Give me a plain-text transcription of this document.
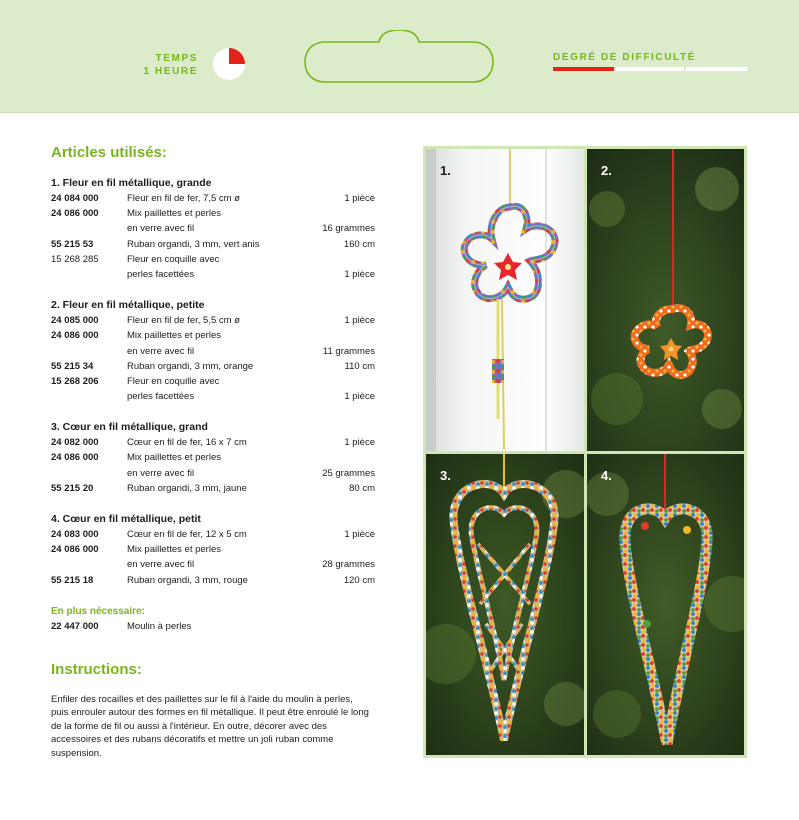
TEMPS
1 HEURE
DEGRÉ DE DIFFICULTÉ
Articles utilisés:
1. Fleur en fil métallique, grande
24 084 000	Fleur en fil de fer, 7,5 cm ø	1 pièce
24 086 000	Mix paillettes et perles
en verre avec fil	16 grammes
55 215 53	Ruban organdi, 3 mm, vert anis	160 cm
15 268 285	Fleur en coquille avec
perles facettées	1 pièce
2. Fleur en fil métallique, petite
24 085 000	Fleur en fil de fer, 5,5 cm ø	1 pièce
24 086 000	Mix paillettes et perles
en verre avec fil	11 grammes
55 215 34	Ruban organdi, 3 mm, orange	110 cm
15 268 206	Fleur en coquille avec
perles facettées	1 pièce
3. Cœur en fil métallique, grand
24 082 000	Cœur en fil de fer, 16 x 7 cm	1 pièce
24 086 000	Mix paillettes et perles
en verre avec fil	25 grammes
55 215 20	Ruban organdi, 3 mm, jaune	80 cm
4. Cœur en fil métallique, petit
24 083 000	Cœur en fil de fer, 12 x 5 cm	1 pièce
24 086 000	Mix paillettes et perles
en verre avec fil	28 grammes
55 215 18	Ruban organdi, 3 mm, rouge	120 cm
En plus nécessaire:
22 447 000	Moulin à perles
Instructions:

Enfiler des rocailles et des paillettes sur le fil à l'aide du moulin à perles, puis enrouler autour des formes en fil métallique. Il peut être enroulé le long de la forme de fil ou aussi à l'intérieur. En outre, décorer avec des accessoires et des rubans décoratifs et mettre un joli ruban comme suspension.

1.	2.
3.	4.
